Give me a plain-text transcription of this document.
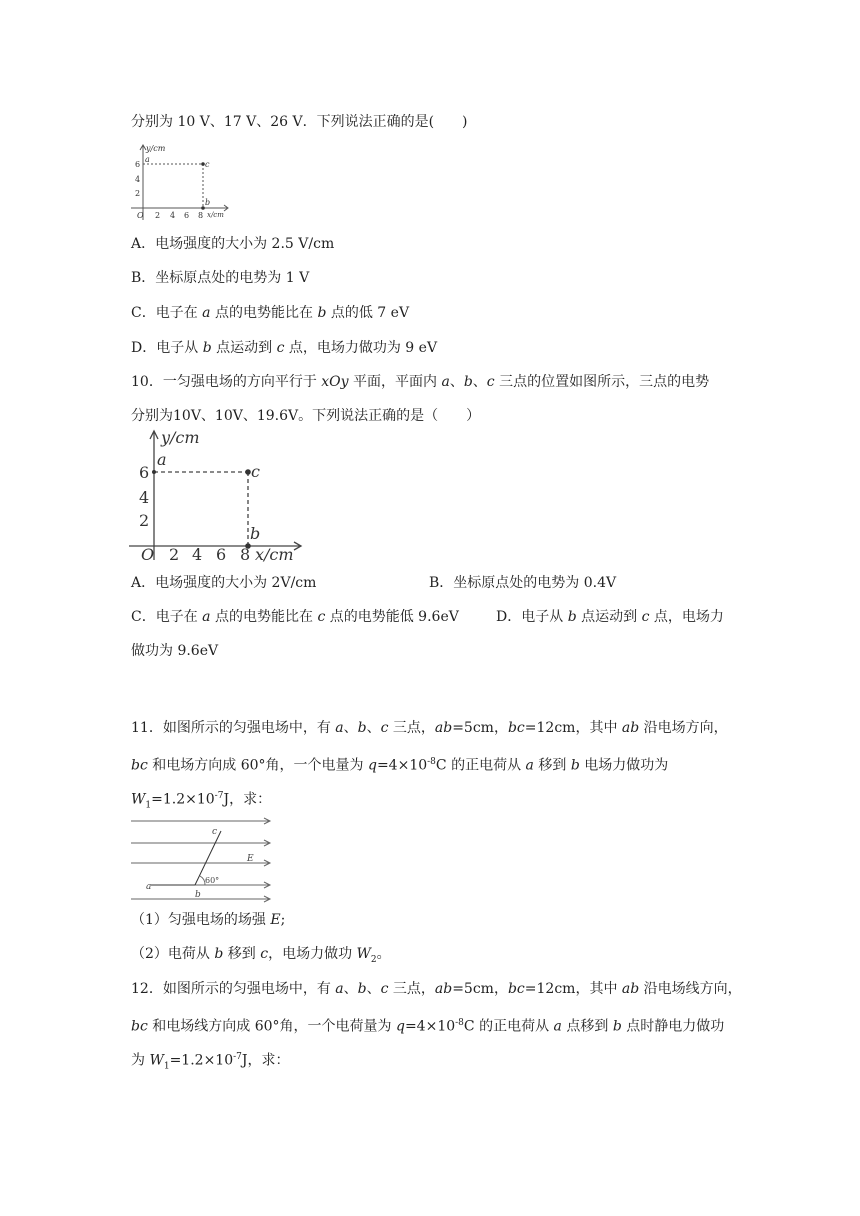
分别为 10 V、17 V、26 V．下列说法正确的是(　　)
y/cm
a
c
b
x/cm
6
4
2
O 2 4 6 8
A．电场强度的大小为 2.5 V/cm
B．坐标原点处的电势为 1 V
C．电子在 a 点的电势能比在 b 点的低 7 eV
D．电子从 b 点运动到 c 点，电场力做功为 9 eV
10．一匀强电场的方向平行于 xOy 平面，平面内 a、b、c 三点的位置如图所示，三点的电势
分别为10V、10V、19.6V。下列说法正确的是（　　）
y/cm
a
c
b
x/cm
6
4
2
O 2 4 6 8
A．电场强度的大小为 2V/cm	B．坐标原点处的电势为 0.4V
C．电子在 a 点的电势能比在 c 点的电势能低 9.6eV	D．电子从 b 点运动到 c 点，电场力
做功为 9.6eV
11．如图所示的匀强电场中，有 a、b、c 三点，ab=5cm，bc=12cm，其中 ab 沿电场方向，
bc 和电场方向成 60°角，一个电量为 $q=4\times 10^{-8}C$ 的正电荷从 a 移到 b 电场力做功为
$W_1=1.2\times 10^{-7}J$，求：
c
E
60°
a
b
（1）匀强电场的场强 E;
（2）电荷从 b 移到 c，电场力做功 $W_2$。
12．如图所示的匀强电场中，有 a、b、c 三点，ab=5cm，bc=12cm，其中 ab 沿电场线方向，
bc 和电场线方向成 60°角，一个电荷量为 $q=4\times 10^{-8}C$ 的正电荷从 a 点移到 b 点时静电力做功
为 $W_1=1.2\times 10^{-7}J$，求：
